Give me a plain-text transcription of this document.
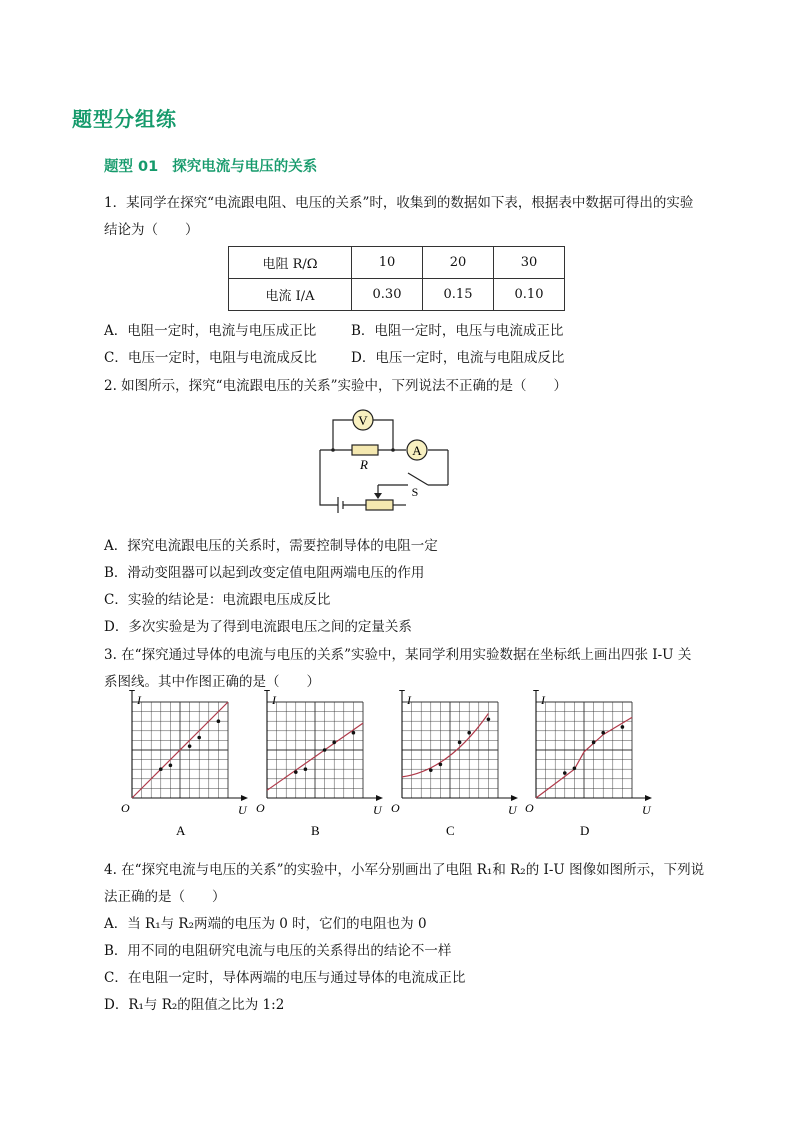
题型分组练
题型 01 探究电流与电压的关系
1．某同学在探究“电流跟电阻、电压的关系”时，收集到的数据如下表，根据表中数据可得出的实验
结论为（　　）
电阻 R/Ω	10	20	30
电流 I/A	0.30	0.15	0.10
A．电阻一定时，电流与电压成正比	B．电阻一定时，电压与电流成正比
C．电压一定时，电阻与电流成反比	D．电压一定时，电流与电阻成反比
2. 如图所示，探究“电流跟电压的关系”实验中，下列说法不正确的是（　　）
V
R
A
S
A．探究电流跟电压的关系时，需要控制导体的电阻一定
B．滑动变阻器可以起到改变定值电阻两端电压的作用
C．实验的结论是：电流跟电压成反比
D．多次实验是为了得到电流跟电压之间的定量关系
3. 在“探究通过导体的电流与电压的关系”实验中，某同学利用实验数据在坐标纸上画出四张 I-U 关
系图线。其中作图正确的是（　　）
I
U
O
A
I
U
O
B
I
U
O
C
I
U
O
D
4. 在“探究电流与电压的关系”的实验中，小军分别画出了电阻 R₁和 R₂的 I-U 图像如图所示，下列说
法正确的是（　　）
A．当 R₁与 R₂两端的电压为 0 时，它们的电阻也为 0
B．用不同的电阻研究电流与电压的关系得出的结论不一样
C．在电阻一定时，导体两端的电压与通过导体的电流成正比
D．R₁与 R₂的阻值之比为 1:2
